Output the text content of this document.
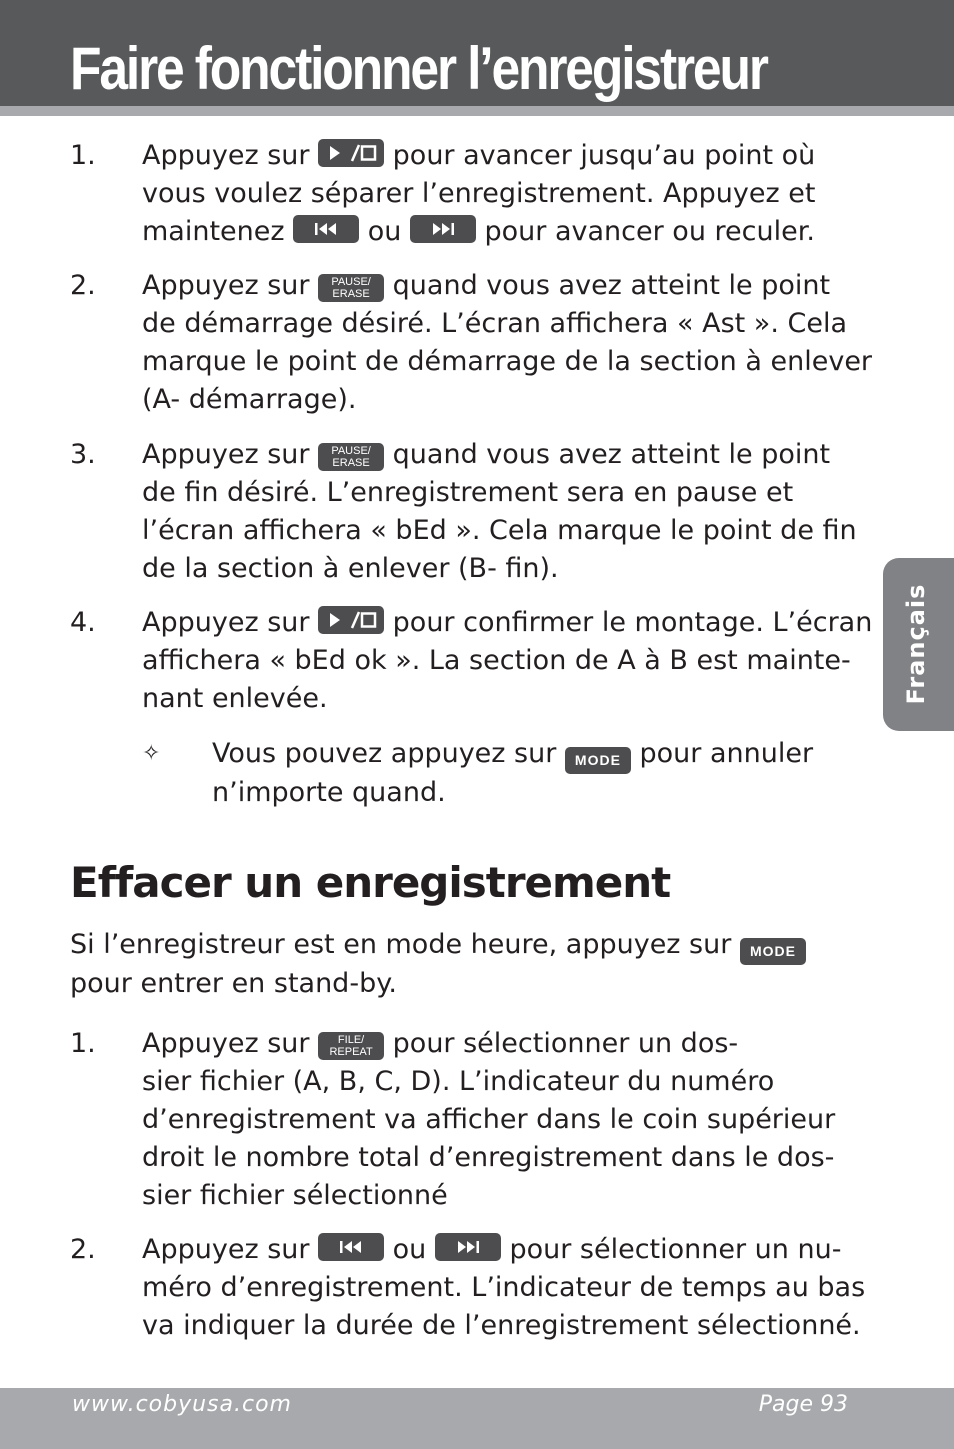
Faire fonctionner l’enregistreur
Français
1. Appuyez sur
pour avancer jusqu’au point où
vous voulez séparer l’enregistrement. Appuyez et
maintenez
ou
pour avancer ou reculer.
2. Appuyez sur	PAUSE/
ERASE quand vous avez atteint le point
de démarrage désiré. L’écran affichera « Ast ». Cela
marque le point de démarrage de la section à enlever
(A- démarrage).
3. Appuyez sur	PAUSE/
ERASE quand vous avez atteint le point
de fin désiré. L’enregistrement sera en pause et
l’écran affichera « bEd ». Cela marque le point de fin
de la section à enlever (B- fin).
4. Appuyez sur
pour confirmer le montage. L’écran
affichera « bEd ok ». La section de A à B est mainte-
nant enlevée.
✧ Vous pouvez appuyez sur MODE pour annuler
n’importe quand.
Effacer un enregistrement
Si l’enregistreur est en mode heure, appuyez sur MODE
pour entrer en stand-by.
1. Appuyez sur	FILE/
REPEAT pour sélectionner un dos-
sier fichier (A, B, C, D). L’indicateur du numéro
d’enregistrement va afficher dans le coin supérieur
droit le nombre total d’enregistrement dans le dos-
sier fichier sélectionné
2. Appuyez sur
ou
pour sélectionner un nu-
méro d’enregistrement. L’indicateur de temps au bas
va indiquer la durée de l’enregistrement sélectionné.
www.cobyusa.com	Page 93
